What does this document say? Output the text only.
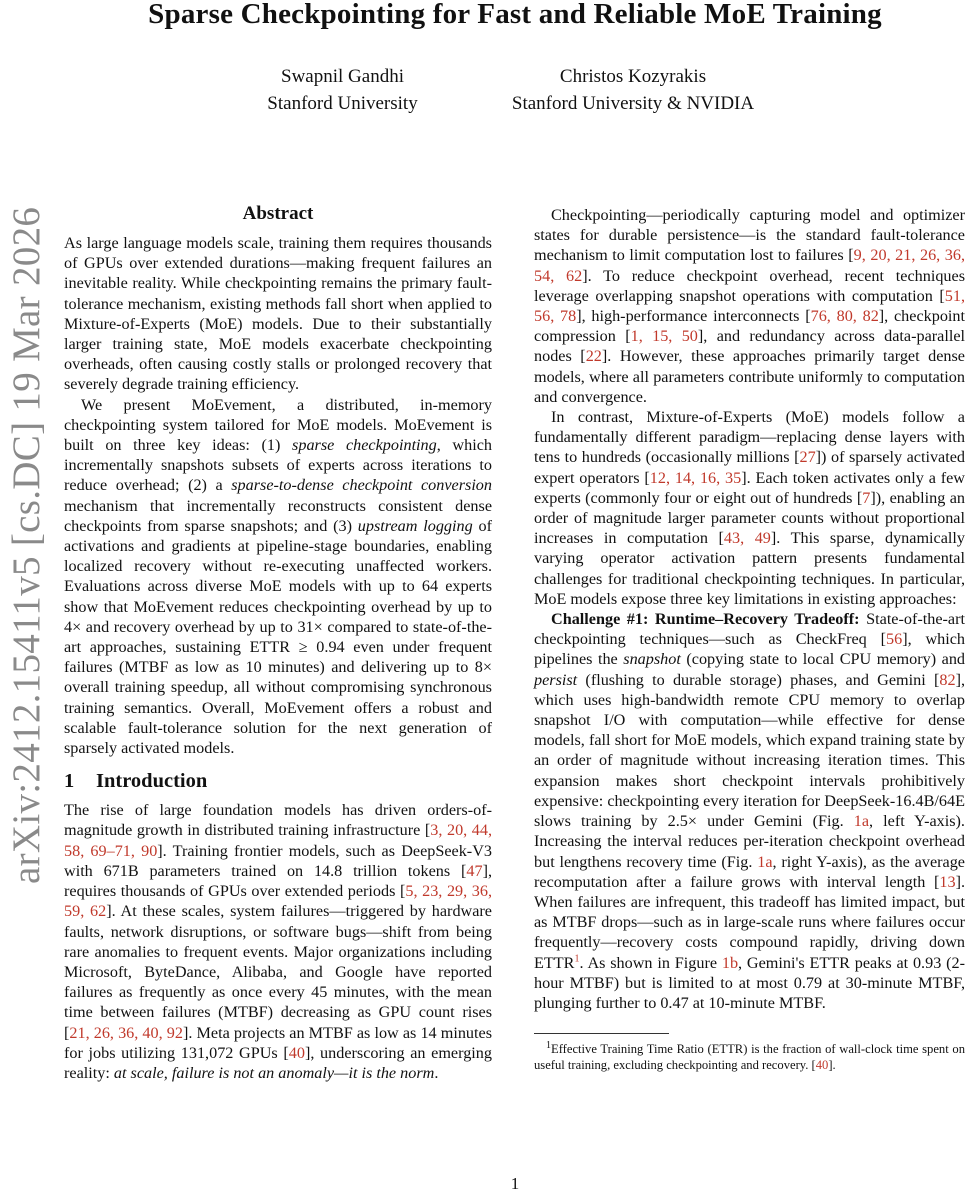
Sparse Checkpointing for Fast and Reliable MoE Training
Swapnil Gandhi
Stanford University
Christos Kozyrakis
Stanford University & NVIDIA
arXiv:2412.15411v5 [cs.DC] 19 Mar 2026	Abstract

As large language models scale, training them requires thousands of GPUs over extended durations—making frequent failures an inevitable reality. While checkpointing remains the primary fault-tolerance mechanism, existing methods fall short when applied to Mixture-of-Experts (MoE) models. Due to their substantially larger training state, MoE models exacerbate checkpointing overheads, often causing costly stalls or prolonged recovery that severely degrade training efficiency.

We present MoEvement, a distributed, in-memory checkpointing system tailored for MoE models. MoEvement is built on three key ideas: (1) sparse checkpointing, which incrementally snapshots subsets of experts across iterations to reduce overhead; (2) a sparse-to-dense checkpoint conversion mechanism that incrementally reconstructs consistent dense checkpoints from sparse snapshots; and (3) upstream logging of activations and gradients at pipeline-stage boundaries, enabling localized recovery without re-executing unaffected workers. Evaluations across diverse MoE models with up to 64 experts show that MoEvement reduces checkpointing overhead by up to 4× and recovery overhead by up to 31× compared to state-of-the-art approaches, sustaining ETTR ≥ 0.94 even under frequent failures (MTBF as low as 10 minutes) and delivering up to 8× overall training speedup, all without compromising synchronous training semantics. Overall, MoEvement offers a robust and scalable fault-tolerance solution for the next generation of sparsely activated models.

1 Introduction

The rise of large foundation models has driven orders-of-magnitude growth in distributed training infrastructure [3, 20, 44, 58, 69–71, 90]. Training frontier models, such as DeepSeek-V3 with 671B parameters trained on 14.8 trillion tokens [47], requires thousands of GPUs over extended periods [5, 23, 29, 36, 59, 62]. At these scales, system failures—triggered by hardware faults, network disruptions, or software bugs—shift from being rare anomalies to frequent events. Major organizations including Microsoft, ByteDance, Alibaba, and Google have reported failures as frequently as once every 45 minutes, with the mean time between failures (MTBF) decreasing as GPU count rises [21, 26, 36, 40, 92]. Meta projects an MTBF as low as 14 minutes for jobs utilizing 131,072 GPUs [40], underscoring an emerging reality: at scale, failure is not an anomaly—it is the norm.

Checkpointing—periodically capturing model and optimizer states for durable persistence—is the standard fault-tolerance mechanism to limit computation lost to failures [9, 20, 21, 26, 36, 54, 62]. To reduce checkpoint overhead, recent techniques leverage overlapping snapshot operations with computation [51, 56, 78], high-performance interconnects [76, 80, 82], checkpoint compression [1, 15, 50], and redundancy across data-parallel nodes [22]. However, these approaches primarily target dense models, where all parameters contribute uniformly to computation and convergence.

In contrast, Mixture-of-Experts (MoE) models follow a fundamentally different paradigm—replacing dense layers with tens to hundreds (occasionally millions [27]) of sparsely activated expert operators [12, 14, 16, 35]. Each token activates only a few experts (commonly four or eight out of hundreds [7]), enabling an order of magnitude larger parameter counts without proportional increases in computation [43, 49]. This sparse, dynamically varying operator activation pattern presents fundamental challenges for traditional checkpointing techniques. In particular, MoE models expose three key limitations in existing approaches:

Challenge #1: Runtime–Recovery Tradeoff: State-of-the-art checkpointing techniques—such as CheckFreq [56], which pipelines the snapshot (copying state to local CPU memory) and persist (flushing to durable storage) phases, and Gemini [82], which uses high-bandwidth remote CPU memory to overlap snapshot I/O with computation—while effective for dense models, fall short for MoE models, which expand training state by an order of magnitude without increasing iteration times. This expansion makes short checkpoint intervals prohibitively expensive: checkpointing every iteration for DeepSeek-16.4B/64E slows training by 2.5× under Gemini (Fig. 1a, left Y-axis). Increasing the interval reduces per-iteration checkpoint overhead but lengthens recovery time (Fig. 1a, right Y-axis), as the average recomputation after a failure grows with interval length [13]. When failures are infrequent, this tradeoff has limited impact, but as MTBF drops—such as in large-scale runs where failures occur frequently—recovery costs compound rapidly, driving down ETTR$^1$. As shown in Figure 1b, Gemini's ETTR peaks at 0.93 (2-hour MTBF) but is limited to at most 0.79 at 30-minute MTBF, plunging further to 0.47 at 10-minute MTBF.

$^1$Effective Training Time Ratio (ETTR) is the fraction of wall-clock time spent on useful training, excluding checkpointing and recovery. [40].

1
